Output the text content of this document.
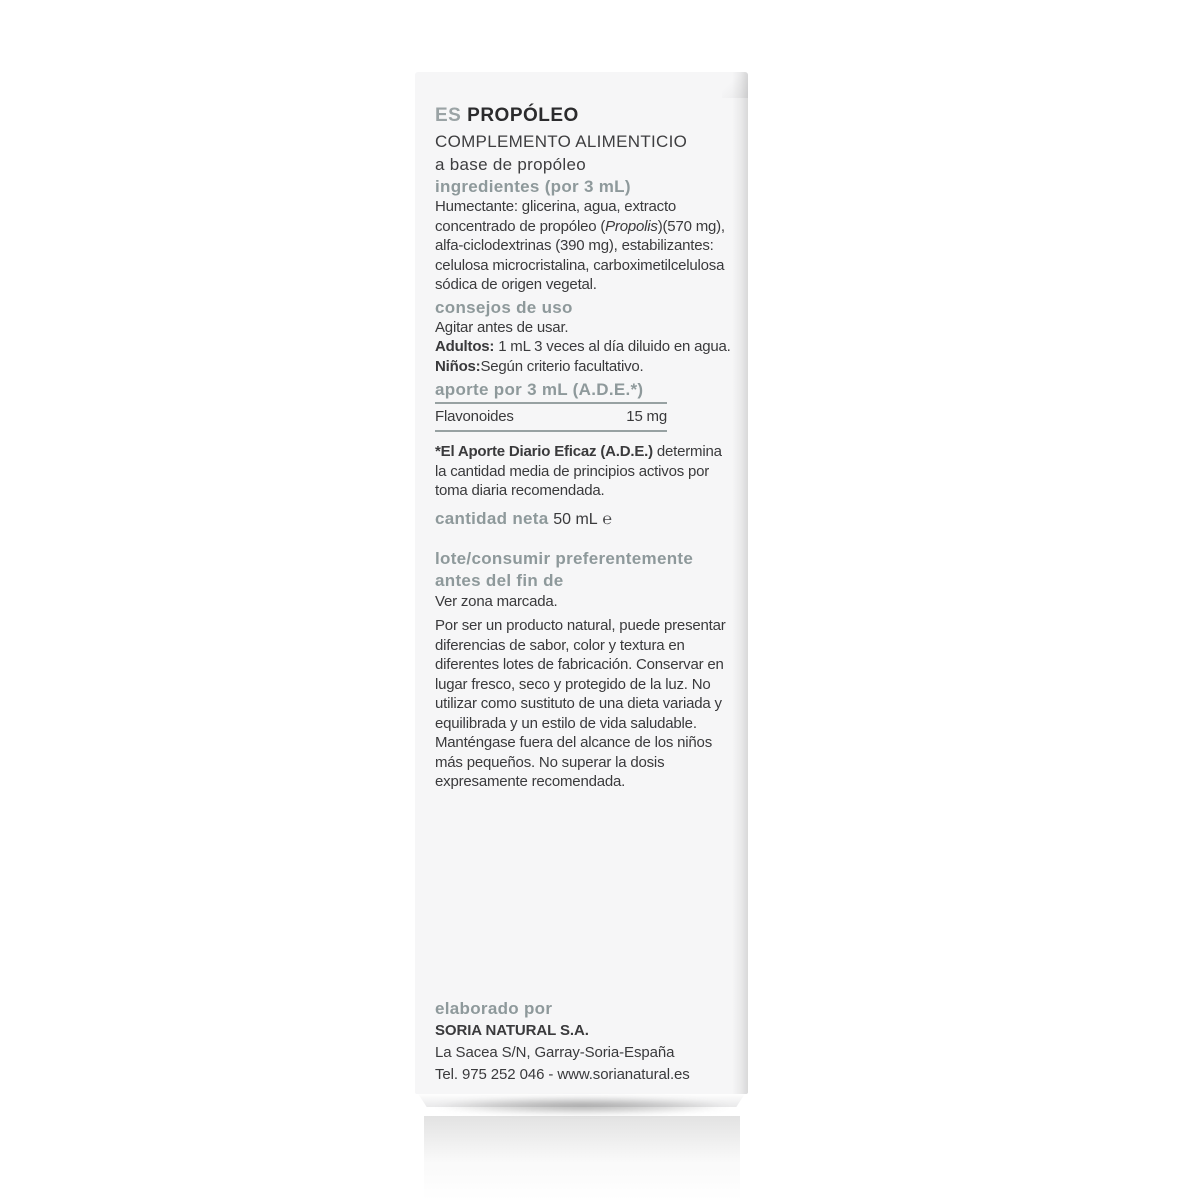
ES PROPÓLEO

COMPLEMENTO ALIMENTICIO
a base de propóleo

ingredientes (por 3 mL)

Humectante: glicerina, agua, extracto concentrado de propóleo (Propolis)(570 mg), alfa-ciclodextrinas (390 mg), estabilizantes: celulosa microcristalina, carboximetilcelulosa sódica de origen vegetal.

consejos de uso

Agitar antes de usar.
Adultos: 1 mL 3 veces al día diluido en agua.
Niños:Según criterio facultativo.

aporte por 3 mL (A.D.E.*)
Flavonoides	15 mg

*El Aporte Diario Eficaz (A.D.E.) determina la cantidad media de principios activos por toma diaria recomendada.

cantidad neta 50 mL ℮

lote/consumir preferentemente antes del fin de

Ver zona marcada.

Por ser un producto natural, puede presentar diferencias de sabor, color y textura en diferentes lotes de fabricación. Conservar en lugar fresco, seco y protegido de la luz. No utilizar como sustituto de una dieta variada y equilibrada y un estilo de vida saludable. Manténgase fuera del alcance de los niños más pequeños. No superar la dosis expresamente recomendada.

elaborado por

SORIA NATURAL S.A.

La Sacea S/N, Garray-Soria-España

Tel. 975 252 046 - www.sorianatural.es
